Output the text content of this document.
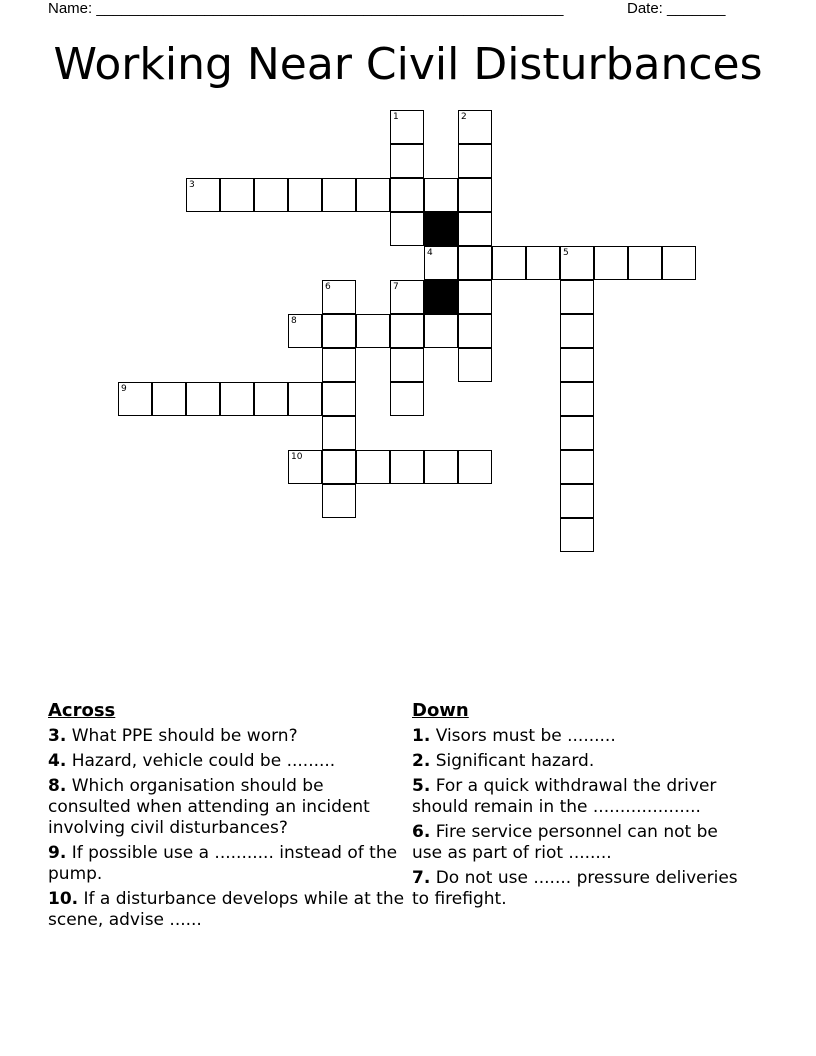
Name: ________________________________________________________	Date: _______
Working Near Civil Disturbances
1	2
3
4	5
6	7
8
9
10
Across
3. What PPE should be worn?
4. Hazard, vehicle could be .........
8. Which organisation should be consulted when attending an incident involving civil disturbances?
9. If possible use a ........... instead of the pump.
10. If a disturbance develops while at the scene, advise ......
Down
1. Visors must be .........
2. Significant hazard.
5. For a quick withdrawal the driver should remain in the ....................
6. Fire service personnel can not be use as part of riot ........
7. Do not use ....... pressure deliveries to firefight.
